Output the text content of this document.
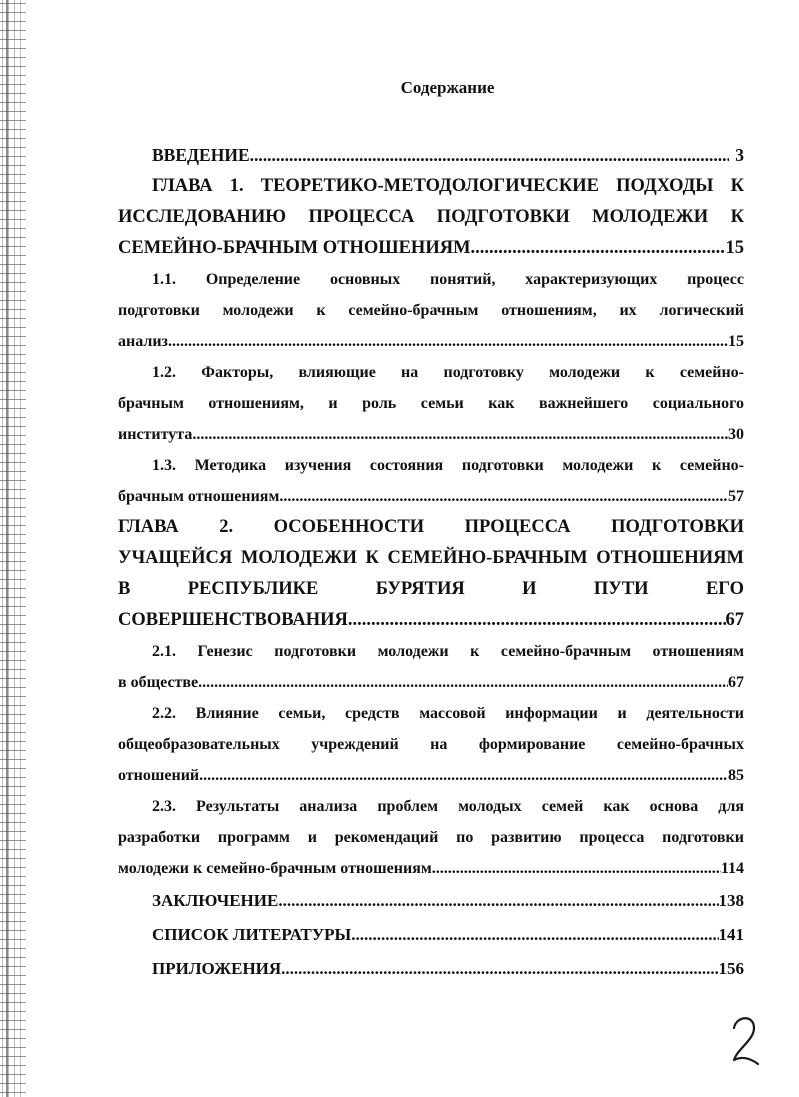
Содержание
ВВЕДЕНИЕ .....	3
ГЛАВА 1. ТЕОРЕТИКО-МЕТОДОЛОГИЧЕСКИЕ ПОДХОДЫ К
ИССЛЕДОВАНИЮ ПРОЦЕССА ПОДГОТОВКИ МОЛОДЕЖИ К
СЕМЕЙНО-БРАЧНЫМ ОТНОШЕНИЯМ .....	15
1.1. Определение основных понятий, характеризующих процесс
подготовки молодежи к семейно-брачным отношениям, их логический
анализ .....	15
1.2. Факторы, влияющие на подготовку молодежи к семейно-
брачным отношениям, и роль семьи как важнейшего социального
института .....	30
1.3. Методика изучения состояния подготовки молодежи к семейно-
брачным отношениям .....	57
ГЛАВА 2. ОСОБЕННОСТИ ПРОЦЕССА ПОДГОТОВКИ
УЧАЩЕЙСЯ МОЛОДЕЖИ К СЕМЕЙНО-БРАЧНЫМ ОТНОШЕНИЯМ
В РЕСПУБЛИКЕ БУРЯТИЯ И ПУТИ ЕГО
СОВЕРШЕНСТВОВАНИЯ .....	67
2.1. Генезис подготовки молодежи к семейно-брачным отношениям
в обществе .....	67
2.2. Влияние семьи, средств массовой информации и деятельности
общеобразовательных учреждений на формирование семейно-брачных
отношений .....	85
2.3. Результаты анализа проблем молодых семей как основа для
разработки программ и рекомендаций по развитию процесса подготовки
молодежи к семейно-брачным отношениям .....	114
ЗАКЛЮЧЕНИЕ .....	138
СПИСОК ЛИТЕРАТУРЫ .....	141
ПРИЛОЖЕНИЯ .....	156
